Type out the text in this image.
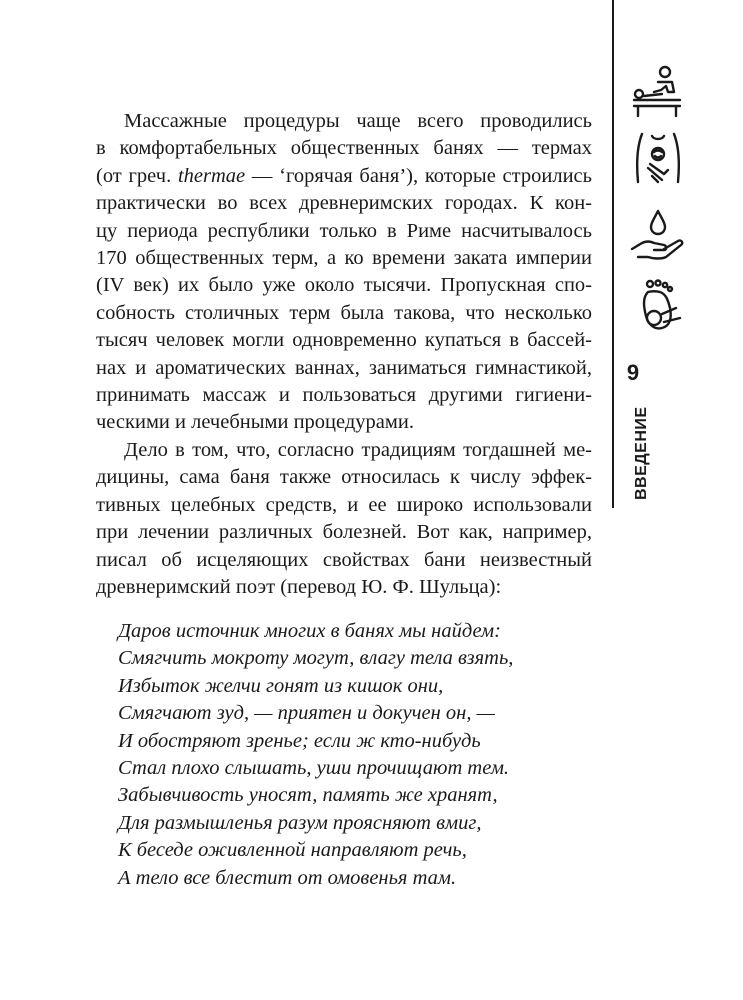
Массажные процедуры чаще всего проводились
в комфортабельных общественных банях — термах
(от греч. thermae — ‘горячая баня’), которые строились
практически во всех древнеримских городах. К кон-
цу периода республики только в Риме насчитывалось
170 общественных терм, а ко времени заката империи
(IV век) их было уже около тысячи. Пропускная спо-
собность столичных терм была такова, что несколько
тысяч человек могли одновременно купаться в бассей-
нах и ароматических ваннах, заниматься гимнастикой,
принимать массаж и пользоваться другими гигиени-
ческими и лечебными процедурами.

Дело в том, что, согласно традициям тогдашней ме-
дицины, сама баня также относилась к числу эффек-
тивных целебных средств, и ее широко использовали
при лечении различных болезней. Вот как, например,
писал об исцеляющих свойствах бани неизвестный
древнеримский поэт (перевод Ю. Ф. Шульца):

Даров источник многих в банях мы найдем:
Смягчить мокроту могут, влагу тела взять,
Избыток желчи гонят из кишок они,
Смягчают зуд, — приятен и докучен он, —
И обостряют зренье; если ж кто-нибудь
Стал плохо слышать, уши прочищают тем.
Забывчивость уносят, память же хранят,
Для размышленья разум проясняют вмиг,
К беседе оживленной направляют речь,
А тело все блестит от омовенья там.
9
ВВЕДЕНИЕ
